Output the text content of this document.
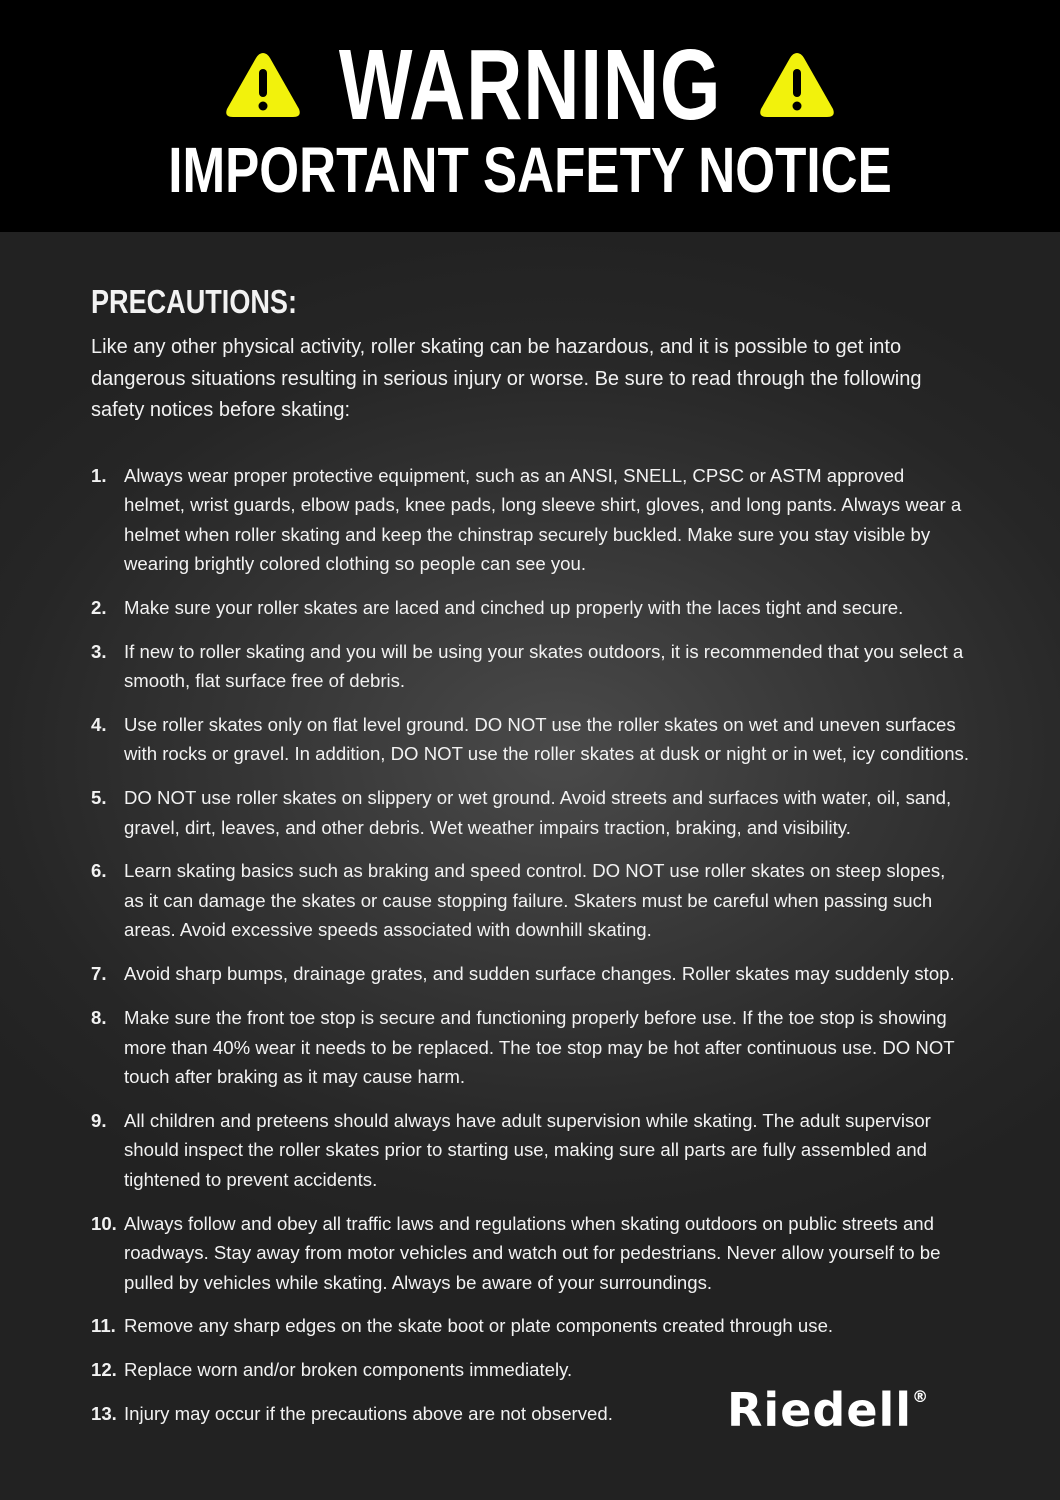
WARNING
IMPORTANT SAFETY NOTICE
PRECAUTIONS:

Like any other physical activity, roller skating can be hazardous, and it is possible to get into dangerous situations resulting in serious injury or worse. Be sure to read through the following safety notices before skating:

1. Always wear proper protective equipment, such as an ANSI, SNELL, CPSC or ASTM approved helmet, wrist guards, elbow pads, knee pads, long sleeve shirt, gloves, and long pants. Always wear a helmet when roller skating and keep the chinstrap securely buckled. Make sure you stay visible by wearing brightly colored clothing so people can see you.
2. Make sure your roller skates are laced and cinched up properly with the laces tight and secure.
3. If new to roller skating and you will be using your skates outdoors, it is recommended that you select a smooth, flat surface free of debris.
4. Use roller skates only on flat level ground. DO NOT use the roller skates on wet and uneven surfaces with rocks or gravel. In addition, DO NOT use the roller skates at dusk or night or in wet, icy conditions.
5. DO NOT use roller skates on slippery or wet ground. Avoid streets and surfaces with water, oil, sand, gravel, dirt, leaves, and other debris. Wet weather impairs traction, braking, and visibility.
6. Learn skating basics such as braking and speed control. DO NOT use roller skates on steep slopes, as it can damage the skates or cause stopping failure. Skaters must be careful when passing such areas. Avoid excessive speeds associated with downhill skating.
7. Avoid sharp bumps, drainage grates, and sudden surface changes. Roller skates may suddenly stop.
8. Make sure the front toe stop is secure and functioning properly before use. If the toe stop is showing more than 40% wear it needs to be replaced. The toe stop may be hot after continuous use. DO NOT touch after braking as it may cause harm.
9. All children and preteens should always have adult supervision while skating. The adult supervisor should inspect the roller skates prior to starting use, making sure all parts are fully assembled and tightened to prevent accidents.
10. Always follow and obey all traffic laws and regulations when skating outdoors on public streets and roadways. Stay away from motor vehicles and watch out for pedestrians. Never allow yourself to be pulled by vehicles while skating. Always be aware of your surroundings.
11. Remove any sharp edges on the skate boot or plate components created through use.
12. Replace worn and/or broken components immediately.
13. Injury may occur if the precautions above are not observed.	Riedell®
